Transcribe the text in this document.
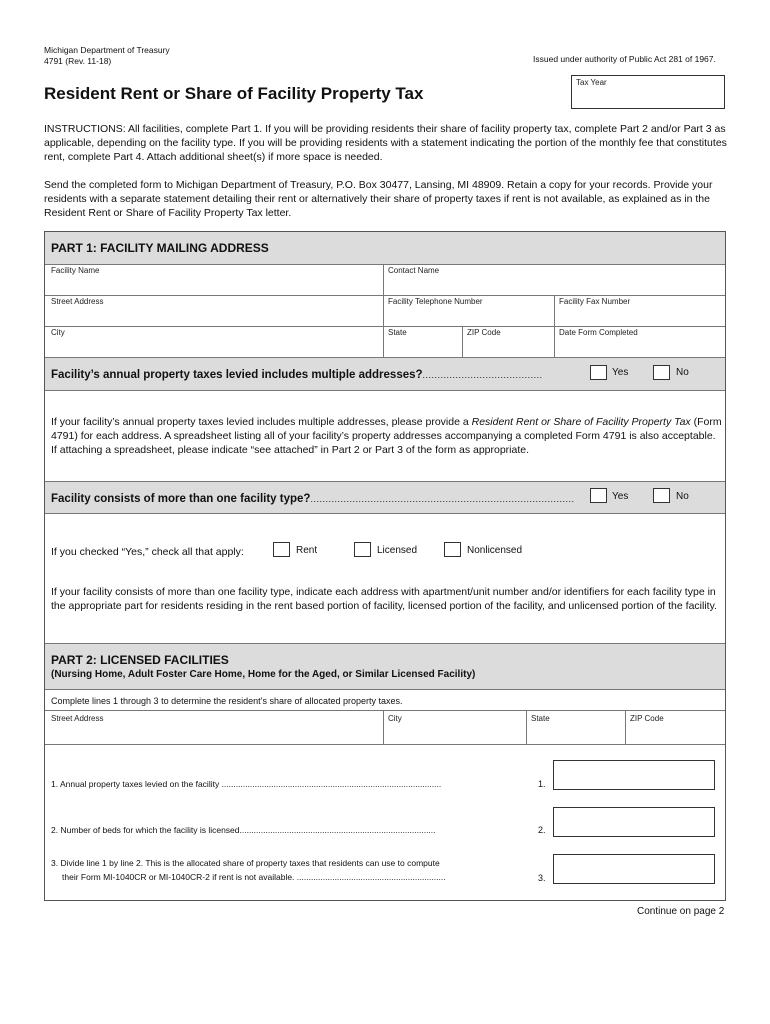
Michigan Department of Treasury
4791 (Rev. 11-18)	Issued under authority of Public Act 281 of 1967.
Resident Rent or Share of Facility Property Tax
Tax Year
INSTRUCTIONS: All facilities, complete Part 1. If you will be providing residents their share of facility property tax, complete Part 2 and/or Part 3 as applicable, depending on the facility type. If you will be providing residents with a statement indicating the portion of the monthly fee that constitutes rent, complete Part 4. Attach additional sheet(s) if more space is needed.
Send the completed form to Michigan Department of Treasury, P.O. Box 30477, Lansing, MI 48909. Retain a copy for your records. Provide your residents with a separate statement detailing their rent or alternatively their share of property taxes if rent is not available, as explained as in the Resident Rent or Share of Facility Property Tax letter.
PART 1: FACILITY MAILING ADDRESS
Facility Name	Contact Name
Street Address	Facility Telephone Number	Facility Fax Number
City	State	ZIP Code	Date Form Completed
Facility’s annual property taxes levied includes multiple addresses?........................................	Yes	No
If your facility’s annual property taxes levied includes multiple addresses, please provide a Resident Rent or Share of Facility Property Tax (Form 4791) for each address. A spreadsheet listing all of your facility’s property addresses accompanying a completed Form 4791 is also acceptable. If attaching a spreadsheet, please indicate “see attached” in Part 2 or Part 3 of the form as appropriate.
Facility consists of more than one facility type?........................................................................................	Yes	No
If you checked “Yes,” check all that apply:	Rent	Licensed	Nonlicensed
If your facility consists of more than one facility type, indicate each address with apartment/unit number and/or identifiers for each facility type in the appropriate part for residents residing in the rent based portion of facility, licensed portion of the facility, and unlicensed portion of the facility.
PART 2: LICENSED FACILITIES
(Nursing Home, Adult Foster Care Home, Home for the Aged, or Similar Licensed Facility)
Complete lines 1 through 3 to determine the resident’s share of allocated property taxes.
Street Address	City	State	ZIP Code
1. Annual property taxes levied on the facility .............................................................................................	1.
2. Number of beds for which the facility is licensed...................................................................................	2.
3. Divide line 1 by line 2. This is the allocated share of property taxes that residents can use to compute
their Form MI-1040CR or MI-1040CR-2 if rent is not available. ...............................................................	3.
Continue on page 2
